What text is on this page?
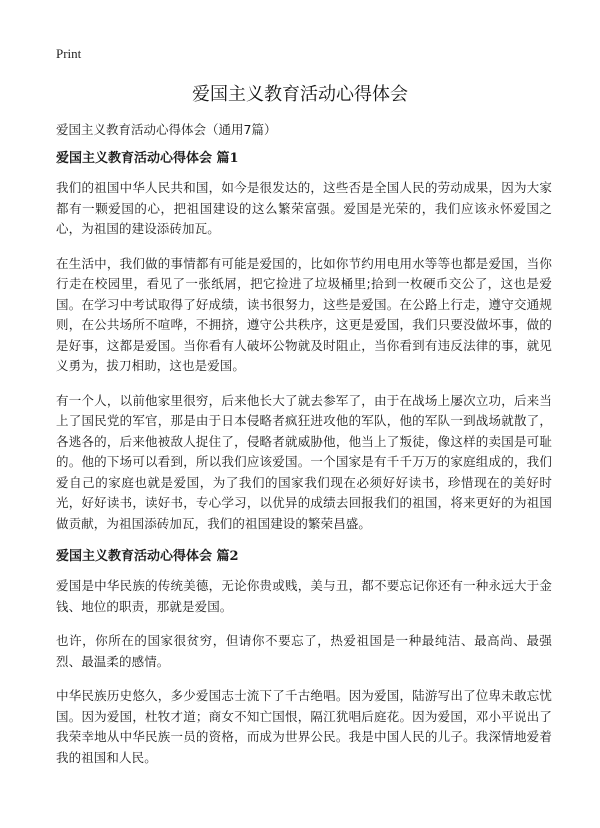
Print
爱国主义教育活动心得体会

爱国主义教育活动心得体会（通用7篇）

爱国主义教育活动心得体会 篇1

我们的祖国中华人民共和国，如今是很发达的，这些否是全国人民的劳动成果，因为大家都有一颗爱国的心，把祖国建设的这么繁荣富强。爱国是光荣的，我们应该永怀爱国之心，为祖国的建设添砖加瓦。

在生活中，我们做的事情都有可能是爱国的，比如你节约用电用水等等也都是爱国，当你行走在校园里，看见了一张纸屑，把它捡进了垃圾桶里;拾到一枚硬币交公了，这也是爱国。在学习中考试取得了好成绩，读书很努力，这些是爱国。在公路上行走，遵守交通规则，在公共场所不喧哗，不拥挤，遵守公共秩序，这更是爱国，我们只要没做坏事，做的是好事，这都是爱国。当你看有人破坏公物就及时阻止，当你看到有违反法律的事，就见义勇为，拔刀相助，这也是爱国。

有一个人，以前他家里很穷，后来他长大了就去参军了，由于在战场上屡次立功，后来当上了国民党的军官，那是由于日本侵略者疯狂进攻他的军队，他的军队一到战场就散了，各逃各的，后来他被敌人捉住了，侵略者就威胁他，他当上了叛徒，像这样的卖国是可耻的。他的下场可以看到，所以我们应该爱国。一个国家是有千千万万的家庭组成的，我们爱自己的家庭也就是爱国，为了我们的国家我们现在必须好好读书，珍惜现在的美好时光，好好读书，读好书，专心学习，以优异的成绩去回报我们的祖国，将来更好的为祖国做贡献，为祖国添砖加瓦，我们的祖国建设的繁荣昌盛。

爱国主义教育活动心得体会 篇2

爱国是中华民族的传统美德，无论你贵或贱，美与丑，都不要忘记你还有一种永远大于金钱、地位的职责，那就是爱国。

也许，你所在的国家很贫穷，但请你不要忘了，热爱祖国是一种最纯洁、最高尚、最强烈、最温柔的感情。

中华民族历史悠久，多少爱国志士流下了千古绝唱。因为爱国，陆游写出了位卑未敢忘忧国。因为爱国，杜牧才道；商女不知亡国恨，隔江犹唱后庭花。因为爱国，邓小平说出了我荣幸地从中华民族一员的资格，而成为世界公民。我是中国人民的儿子。我深情地爱着我的祖国和人民。
